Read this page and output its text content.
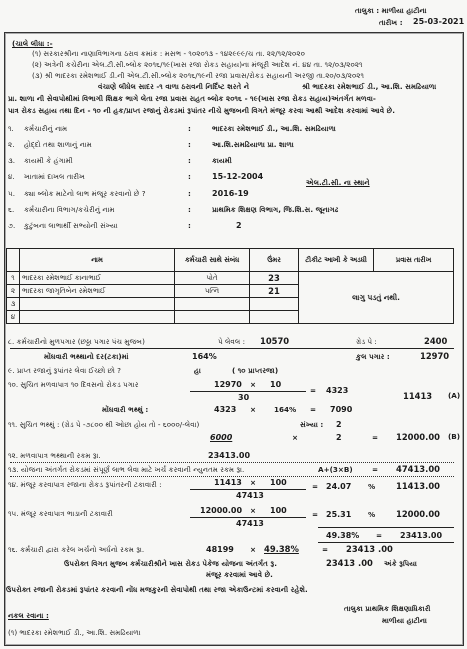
તાલુકા : માળીયા હાટીના
તારીખ : 25-03-2021
(ચાલે લીધા :-
(૧) સરકારશ્રીના નાણાવિભાગના ઠરાવ ક્રમાંક : મસભ - ૧૦૨૦૧૩ - ૧૪૨૯૯૯/ચ તા. ૨૨/૧૨/૨૦૨૦
(૨) અત્રેની કચેરીના એલ.ટી.સી.બ્લોક ૨૦૧૬/૧૯(ખાસ રજા રોકડ સહાય)ના મંજૂરી આદેશ નં. ૪૪ તા. ૧૨/૦૩/૨૦૨૧
(૩) શ્રી ભાદરકા રમેશભાઈ ડી.ની એલ.ટી.સી.બ્લોક ૨૦૧૬/૧૯ની રજા પ્રવાસ/રોકડ સહાયની અરજી તા.૨૦/૦૩/૨૦૨૧
વંચાણે લીધેલ સાદર -૧ વાળા ઠરાવની નિર્દિષ્ટ શરતે ને	શ્રી ભાદરકા રમેશભાઈ ડી., આ.શિ. સમઢિયાળા
પ્રા. શાળા ની સેવાપોથીમાં વિભાગી શિક્ષક ભાગે લેતા રજા પ્રવાસ રાહત બ્લોક ૨૦૧૬ - ૧૯(ખાસ રજા રોકડ સહાય)અંતર્ગત મળવા-
પાત્ર રોકડ સહાય તથા દિન - ૧૦ ની હક/પ્રાપ્ત રજાનું રોકડમાં રૂપાંતર નીચે મુજબની વિગતે મંજૂર કરવા આથી આદેશ કરવામાં આવે છે.
૧. કર્મચારીનું નામ	:	ભાદરકા રમેશભાઈ ડી., આ.શિ. સમઢિયાળા
૨. હોદ્દો તથા શાળાનું નામ	:	આ.શિ.સમઢિયાળા પ્રા. શાળા
૩. કાયમી કે હંગામી	:	કાયમી
૪. ખાતામાં દાખલ તારીખ	:	15-12-2004
૫. ક્યા બ્લોક માટેનો લાભ મંજૂર કરવાનો છે ?	:	2016-19
એલ.ટી.સી. ના સ્થાને
૬. કર્મચારીના વિભાગ/કચેરીનું નામ	:	પ્રાથમિક શિક્ષણ વિભાગ, જિ.શિ.સ. જૂનાગઢ
૭. કુટુંબના લાભાર્થી સભ્યોની સંખ્યા	:	2
	નામ	કર્મચારી સાથે સંબંધ	ઉંમર	ટીકીટ આખી કે અડધી	પ્રવાસ તારીખ
૧	ભાદરકા રમેશભાઈ કાનાભાઈ	પોતે	23	લાગુ પડતું નથી.	
૨	ભાદરકા જાગૃતિબેન રમેશભાઈ	પત્નિ	21		
૩					
૪					
૮. કર્મચારીનો મુળપગાર (છઠ્ઠા પગાર પંચ મુજબ)	પે લેવલ : 10570	ગ્રેડ પે :	2400
મોંઘવારી ભથ્થાનો દર(ટકા)માં	164%	કુલ પગાર :	12970
૯. પ્રાપ્ત રજાનું રૂપાંતર લેવા ઈચ્છો છો ?	હા	( ૧૦ પ્રાપ્તરજા)
૧૦. સુચિત મળવાપાત્ર ૧૦ દિવસનો રોકડ પગાર	12970 × 10
30
= 4323
11413 (A)
મોંઘવારી ભથ્થું :	4323 × 164% = 7090
૧૧. સુચિત ભથ્થું : (ગ્રેડ પે -૭૮૦૦ થી ઓછા હોય તો - ૬૦૦૦/-લેવા)	સંખ્યા : 2
6000	×	2	= 12000.00 (B)
૧૨. મળવાપાત્ર ભથ્થાની રકમ રૂા.	23413.00
૧૩. યોજના અંતર્ગત રોકડમાં સંપૂર્ણ લાભ લેવા માટે ખર્ચ કરવાની ન્યુનતમ રકમ રૂા.	A+(3×B)	= 47413.00
૧૪. મંજૂર કરવાપાત્ર રજાના રોકડ રૂપાંતરની ટકાવારી :	11413 × 100
47413
= 24.07 % 11413.00
૧૫. મંજૂર કરવાપાત્ર ભાડાની ટકાવારી	12000.00 × 100
47413
= 25.31 % 12000.00
49.38% = 23413.00
૧૬. કર્મચારી દ્વારા કરેલ ખર્ચનો અર્ધનો રકમ રૂા.	48199 × 49.38%	= 23413 .00
ઉપરોક્ત વિગત મુજબ કર્મચારીશ્રીને ખાસ રોકડ પેકેજ યોજના અંતર્ગત રૂ.	23413 .00 અંકે રૂપિયા
મંજૂર કરવામાં આવે છે.
ઉપરોક્ત રજાની રોકડમાં રૂપાંતર કરવાની નોંધ મજકુરની સેવાપોથી તથા રજા એકાઉન્ટમાં કરવાની રહેશે.
તાલુકા પ્રાથમિક શિક્ષણાધિકારી
માળીયા હાટીના
નકલ રવાના :
(૧) ભાદરકા રમેશભાઈ ડી., આ.શિ. સમઢિયાળા
